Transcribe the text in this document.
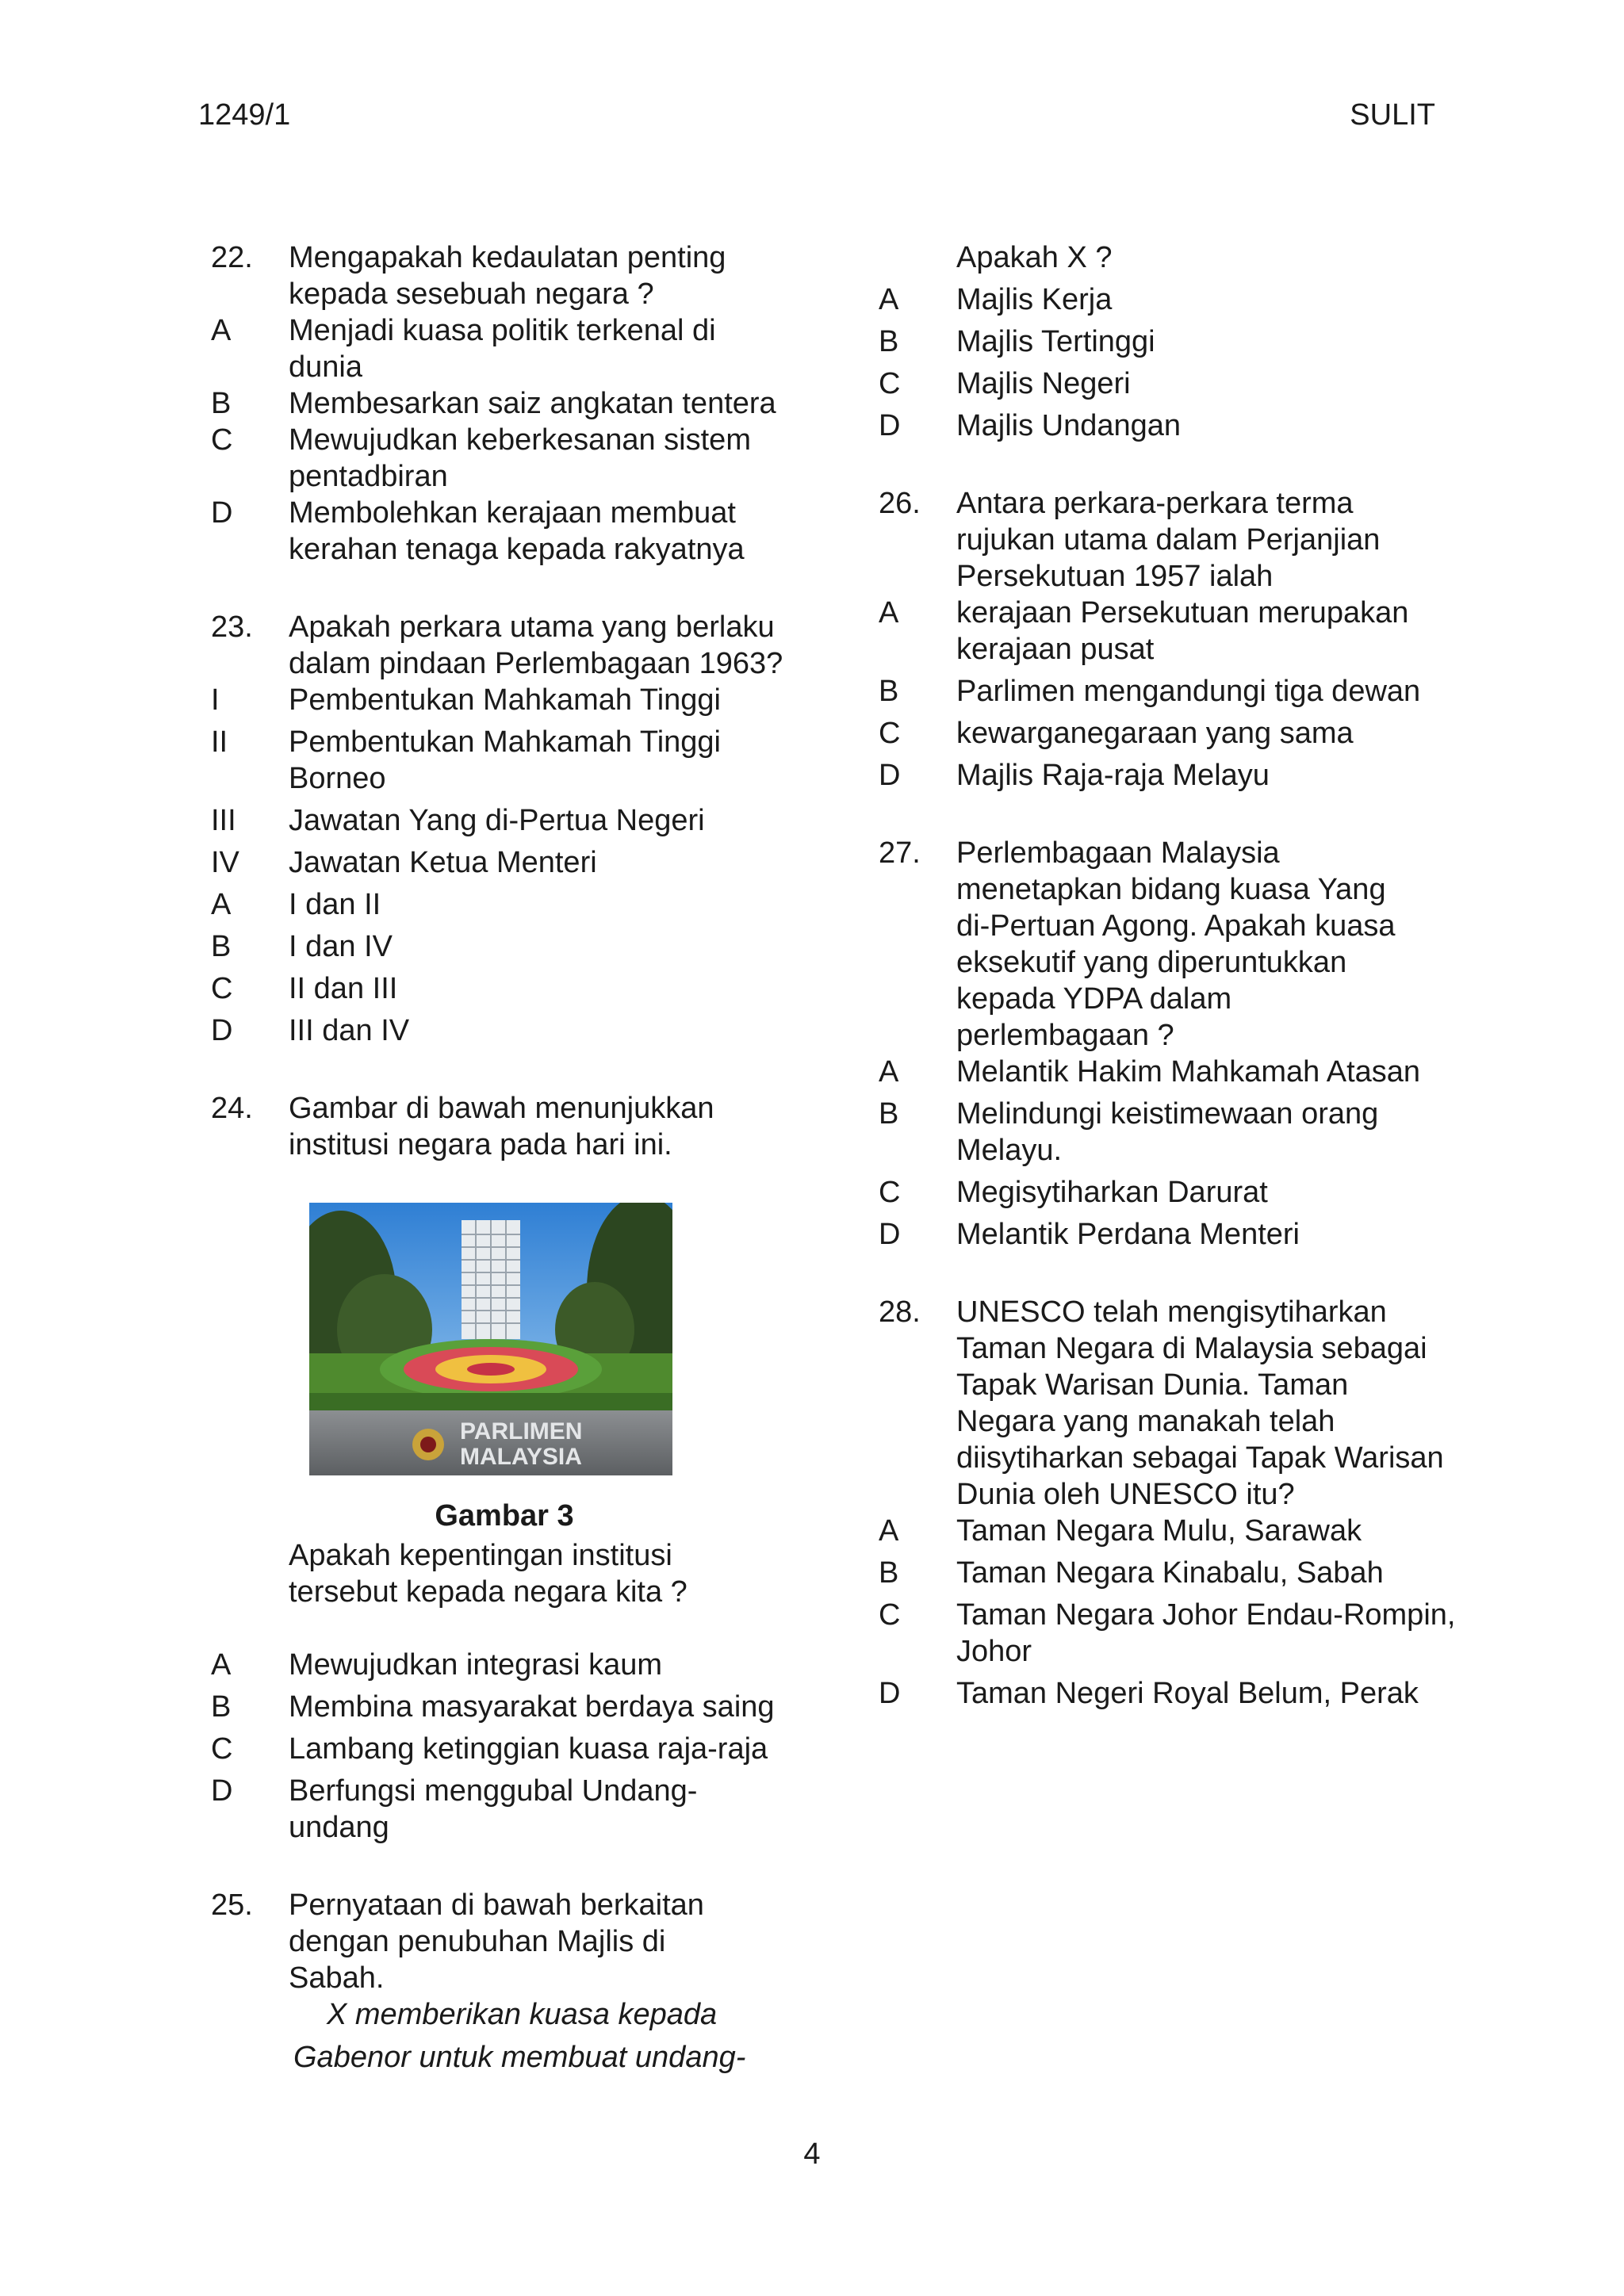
1249/1	SULIT
22.	Mengapakah kedaulatan penting
kepada sesebuah negara ?
A	Menjadi kuasa politik terkenal di
dunia
B	Membesarkan saiz angkatan tentera
C	Mewujudkan keberkesanan sistem
pentadbiran
D	Membolehkan kerajaan membuat
kerahan tenaga kepada rakyatnya
23.	Apakah perkara utama yang berlaku
dalam pindaan Perlembagaan 1963?
I	Pembentukan Mahkamah Tinggi
II	Pembentukan Mahkamah Tinggi
Borneo
III	Jawatan Yang di-Pertua Negeri
IV	Jawatan Ketua Menteri
A	I dan II
B	I dan IV
C	II dan III
D	III dan IV
24.	Gambar di bawah menunjukkan
institusi negara pada hari ini.
PARLIMEN
MALAYSIA
Gambar 3
Apakah kepentingan institusi
tersebut kepada negara kita ?
A	Mewujudkan integrasi kaum
B	Membina masyarakat berdaya saing
C	Lambang ketinggian kuasa raja-raja
D	Berfungsi menggubal Undang-
undang
25.	Pernyataan di bawah berkaitan
dengan penubuhan Majlis di
Sabah.
X memberikan kuasa kepada
Gabenor untuk membuat undang-
Apakah X ?
A	Majlis Kerja
B	Majlis Tertinggi
C	Majlis Negeri
D	Majlis Undangan
26.	Antara perkara-perkara terma
rujukan utama dalam Perjanjian
Persekutuan 1957 ialah
A	kerajaan Persekutuan merupakan
kerajaan pusat
B	Parlimen mengandungi tiga dewan
C	kewarganegaraan yang sama
D	Majlis Raja-raja Melayu
27.	Perlembagaan Malaysia
menetapkan bidang kuasa Yang
di-Pertuan Agong. Apakah kuasa
eksekutif yang diperuntukkan
kepada YDPA dalam
perlembagaan ?
A	Melantik Hakim Mahkamah Atasan
B	Melindungi keistimewaan orang
Melayu.
C	Megisytiharkan Darurat
D	Melantik Perdana Menteri
28.	UNESCO telah mengisytiharkan
Taman Negara di Malaysia sebagai
Tapak Warisan Dunia. Taman
Negara yang manakah telah
diisytiharkan sebagai Tapak Warisan
Dunia oleh UNESCO itu?
A	Taman Negara Mulu, Sarawak
B	Taman Negara Kinabalu, Sabah
C	Taman Negara Johor Endau-Rompin,
Johor
D	Taman Negeri Royal Belum, Perak
4
